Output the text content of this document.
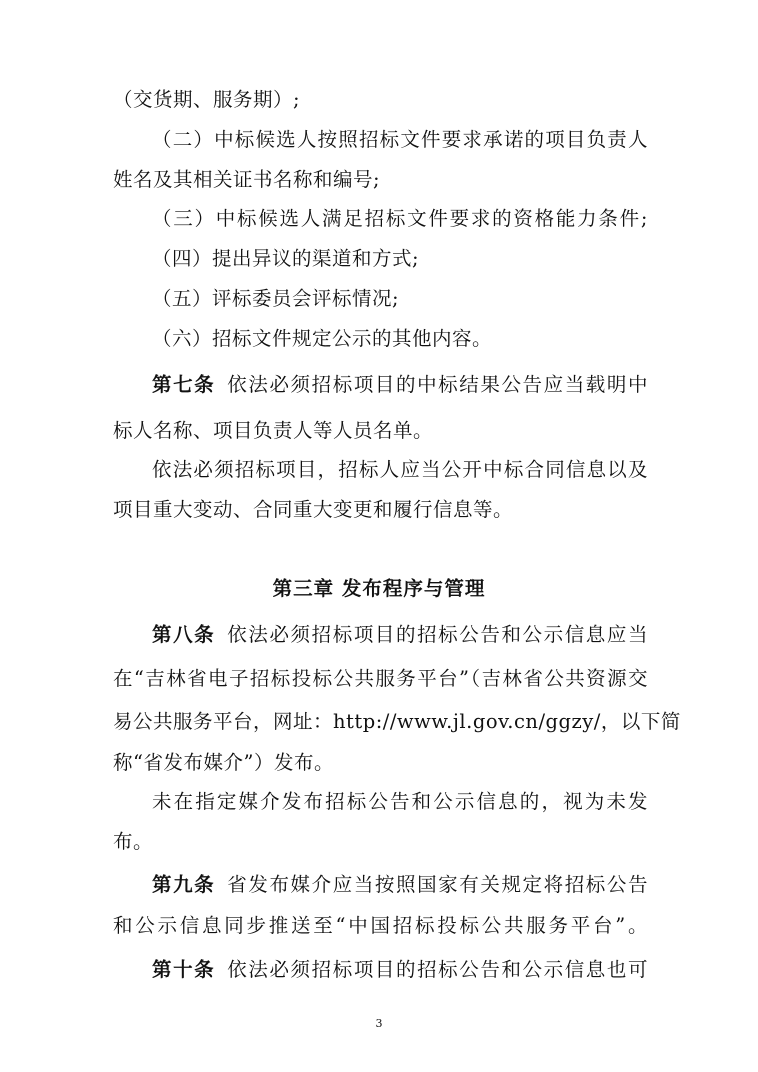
（交货期、服务期）;
（二）中标候选人按照招标文件要求承诺的项目负责人
姓名及其相关证书名称和编号;
（三）中标候选人满足招标文件要求的资格能力条件;
（四）提出异议的渠道和方式;
（五）评标委员会评标情况;
（六）招标文件规定公示的其他内容。
第七条 依法必须招标项目的中标结果公告应当载明中
标人名称、项目负责人等人员名单。
依法必须招标项目，招标人应当公开中标合同信息以及
项目重大变动、合同重大变更和履行信息等。
第三章 发布程序与管理
第八条 依法必须招标项目的招标公告和公示信息应当
在“吉林省电子招标投标公共服务平台”（吉林省公共资源交
易公共服务平台，网址：http://www.jl.gov.cn/ggzy/，以下简
称“省发布媒介”）发布。
未在指定媒介发布招标公告和公示信息的，视为未发
布。
第九条 省发布媒介应当按照国家有关规定将招标公告
和公示信息同步推送至“中国招标投标公共服务平台”。
第十条 依法必须招标项目的招标公告和公示信息也可
3
